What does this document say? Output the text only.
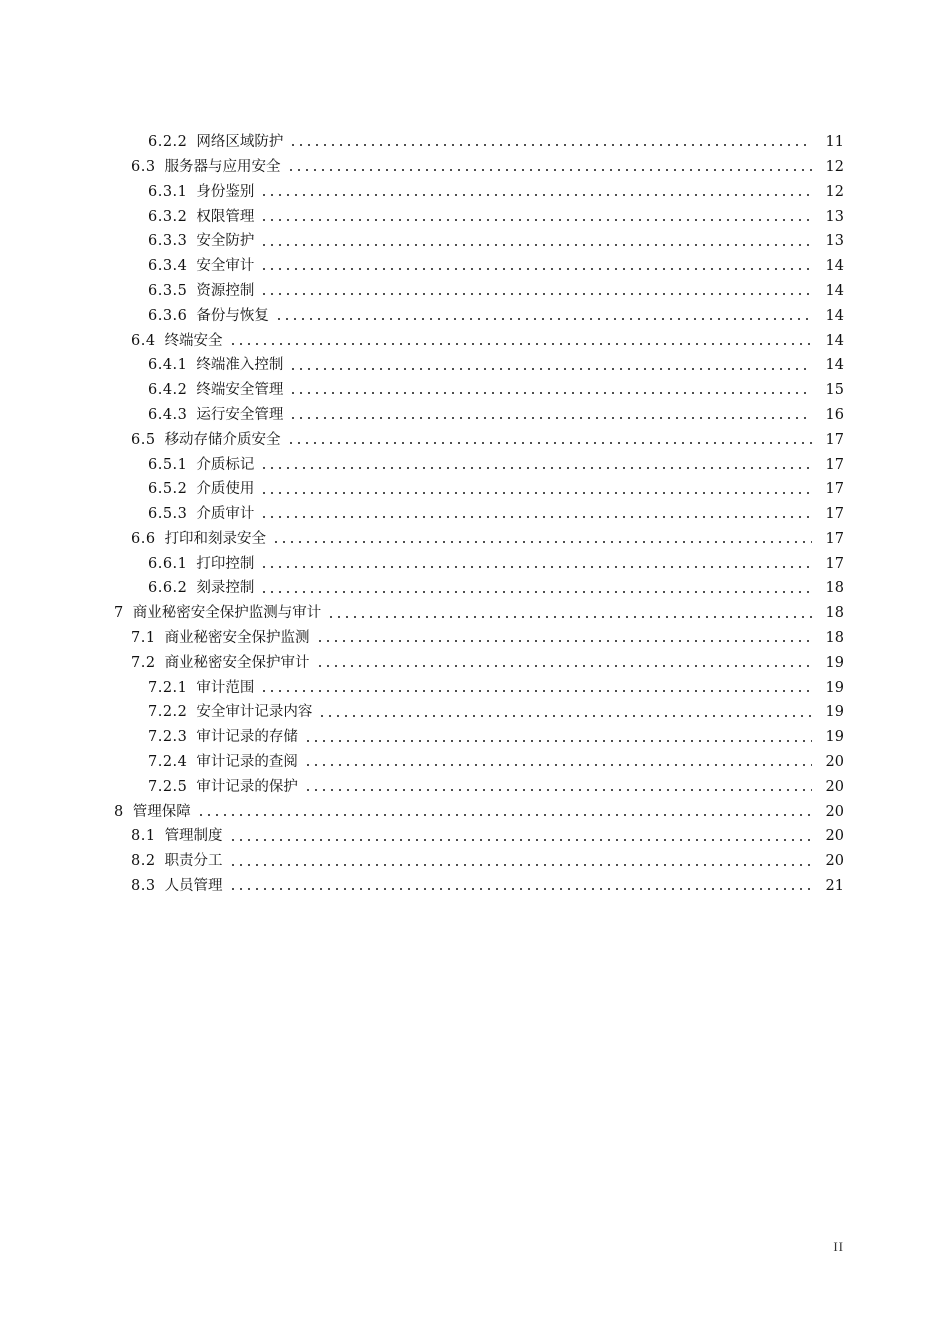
6.2.2 网络区域防护	11
6.3 服务器与应用安全	12
6.3.1 身份鉴别	12
6.3.2 权限管理	13
6.3.3 安全防护	13
6.3.4 安全审计	14
6.3.5 资源控制	14
6.3.6 备份与恢复	14
6.4 终端安全	14
6.4.1 终端准入控制	14
6.4.2 终端安全管理	15
6.4.3 运行安全管理	16
6.5 移动存储介质安全	17
6.5.1 介质标记	17
6.5.2 介质使用	17
6.5.3 介质审计	17
6.6 打印和刻录安全	17
6.6.1 打印控制	17
6.6.2 刻录控制	18
7 商业秘密安全保护监测与审计	18
7.1 商业秘密安全保护监测	18
7.2 商业秘密安全保护审计	19
7.2.1 审计范围	19
7.2.2 安全审计记录内容	19
7.2.3 审计记录的存储	19
7.2.4 审计记录的查阅	20
7.2.5 审计记录的保护	20
8 管理保障	20
8.1 管理制度	20
8.2 职责分工	20
8.3 人员管理	21
II
